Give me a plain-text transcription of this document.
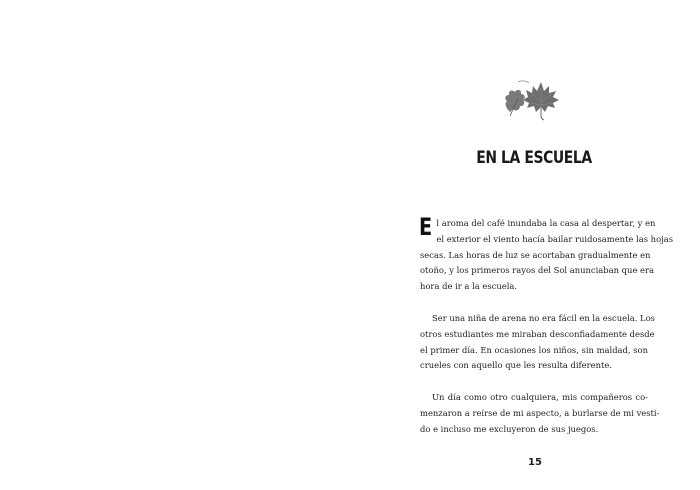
EN LA ESCUELA

E l aroma del café inundaba la casa al despertar, y en
el exterior el viento hacía bailar ruidosamente las hojas
secas. Las horas de luz se acortaban gradualmente en
otoño, y los primeros rayos del Sol anunciaban que era
hora de ir a la escuela.

Ser una niña de arena no era fácil en la escuela. Los
otros estudiantes me miraban desconfiadamente desde
el primer día. En ocasiones los niños, sin maldad, son
crueles con aquello que les resulta diferente.

Un día como otro cualquiera, mis compañeros co-
menzaron a reírse de mi aspecto, a burlarse de mi vesti-
do e incluso me excluyeron de sus juegos.

15
